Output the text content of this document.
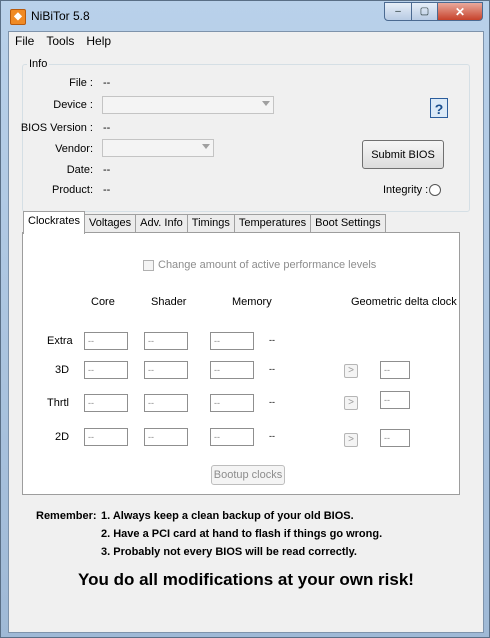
◆ NiBiTor 5.8	–	▢	✕
File	Tools	Help
Info
File : --
Device :
BIOS Version : --
Vendor:
Date: --
Product: --
?
Submit BIOS
Integrity :
Clockrates Voltages Adv. Info Timings Temperatures Boot Settings
Change amount of active performance levels
Core	Shader	Memory	Geometric delta clock
Extra	--	--	--	--
3D	--	--	--	--	>	--
Thrtl	--	--	--	--	>	--
2D	--	--	--	--	>	--
Bootup clocks
Remember: 1. Always keep a clean backup of your old BIOS.
2. Have a PCI card at hand to flash if things go wrong.
3. Probably not every BIOS will be read correctly.
You do all modifications at your own risk!
